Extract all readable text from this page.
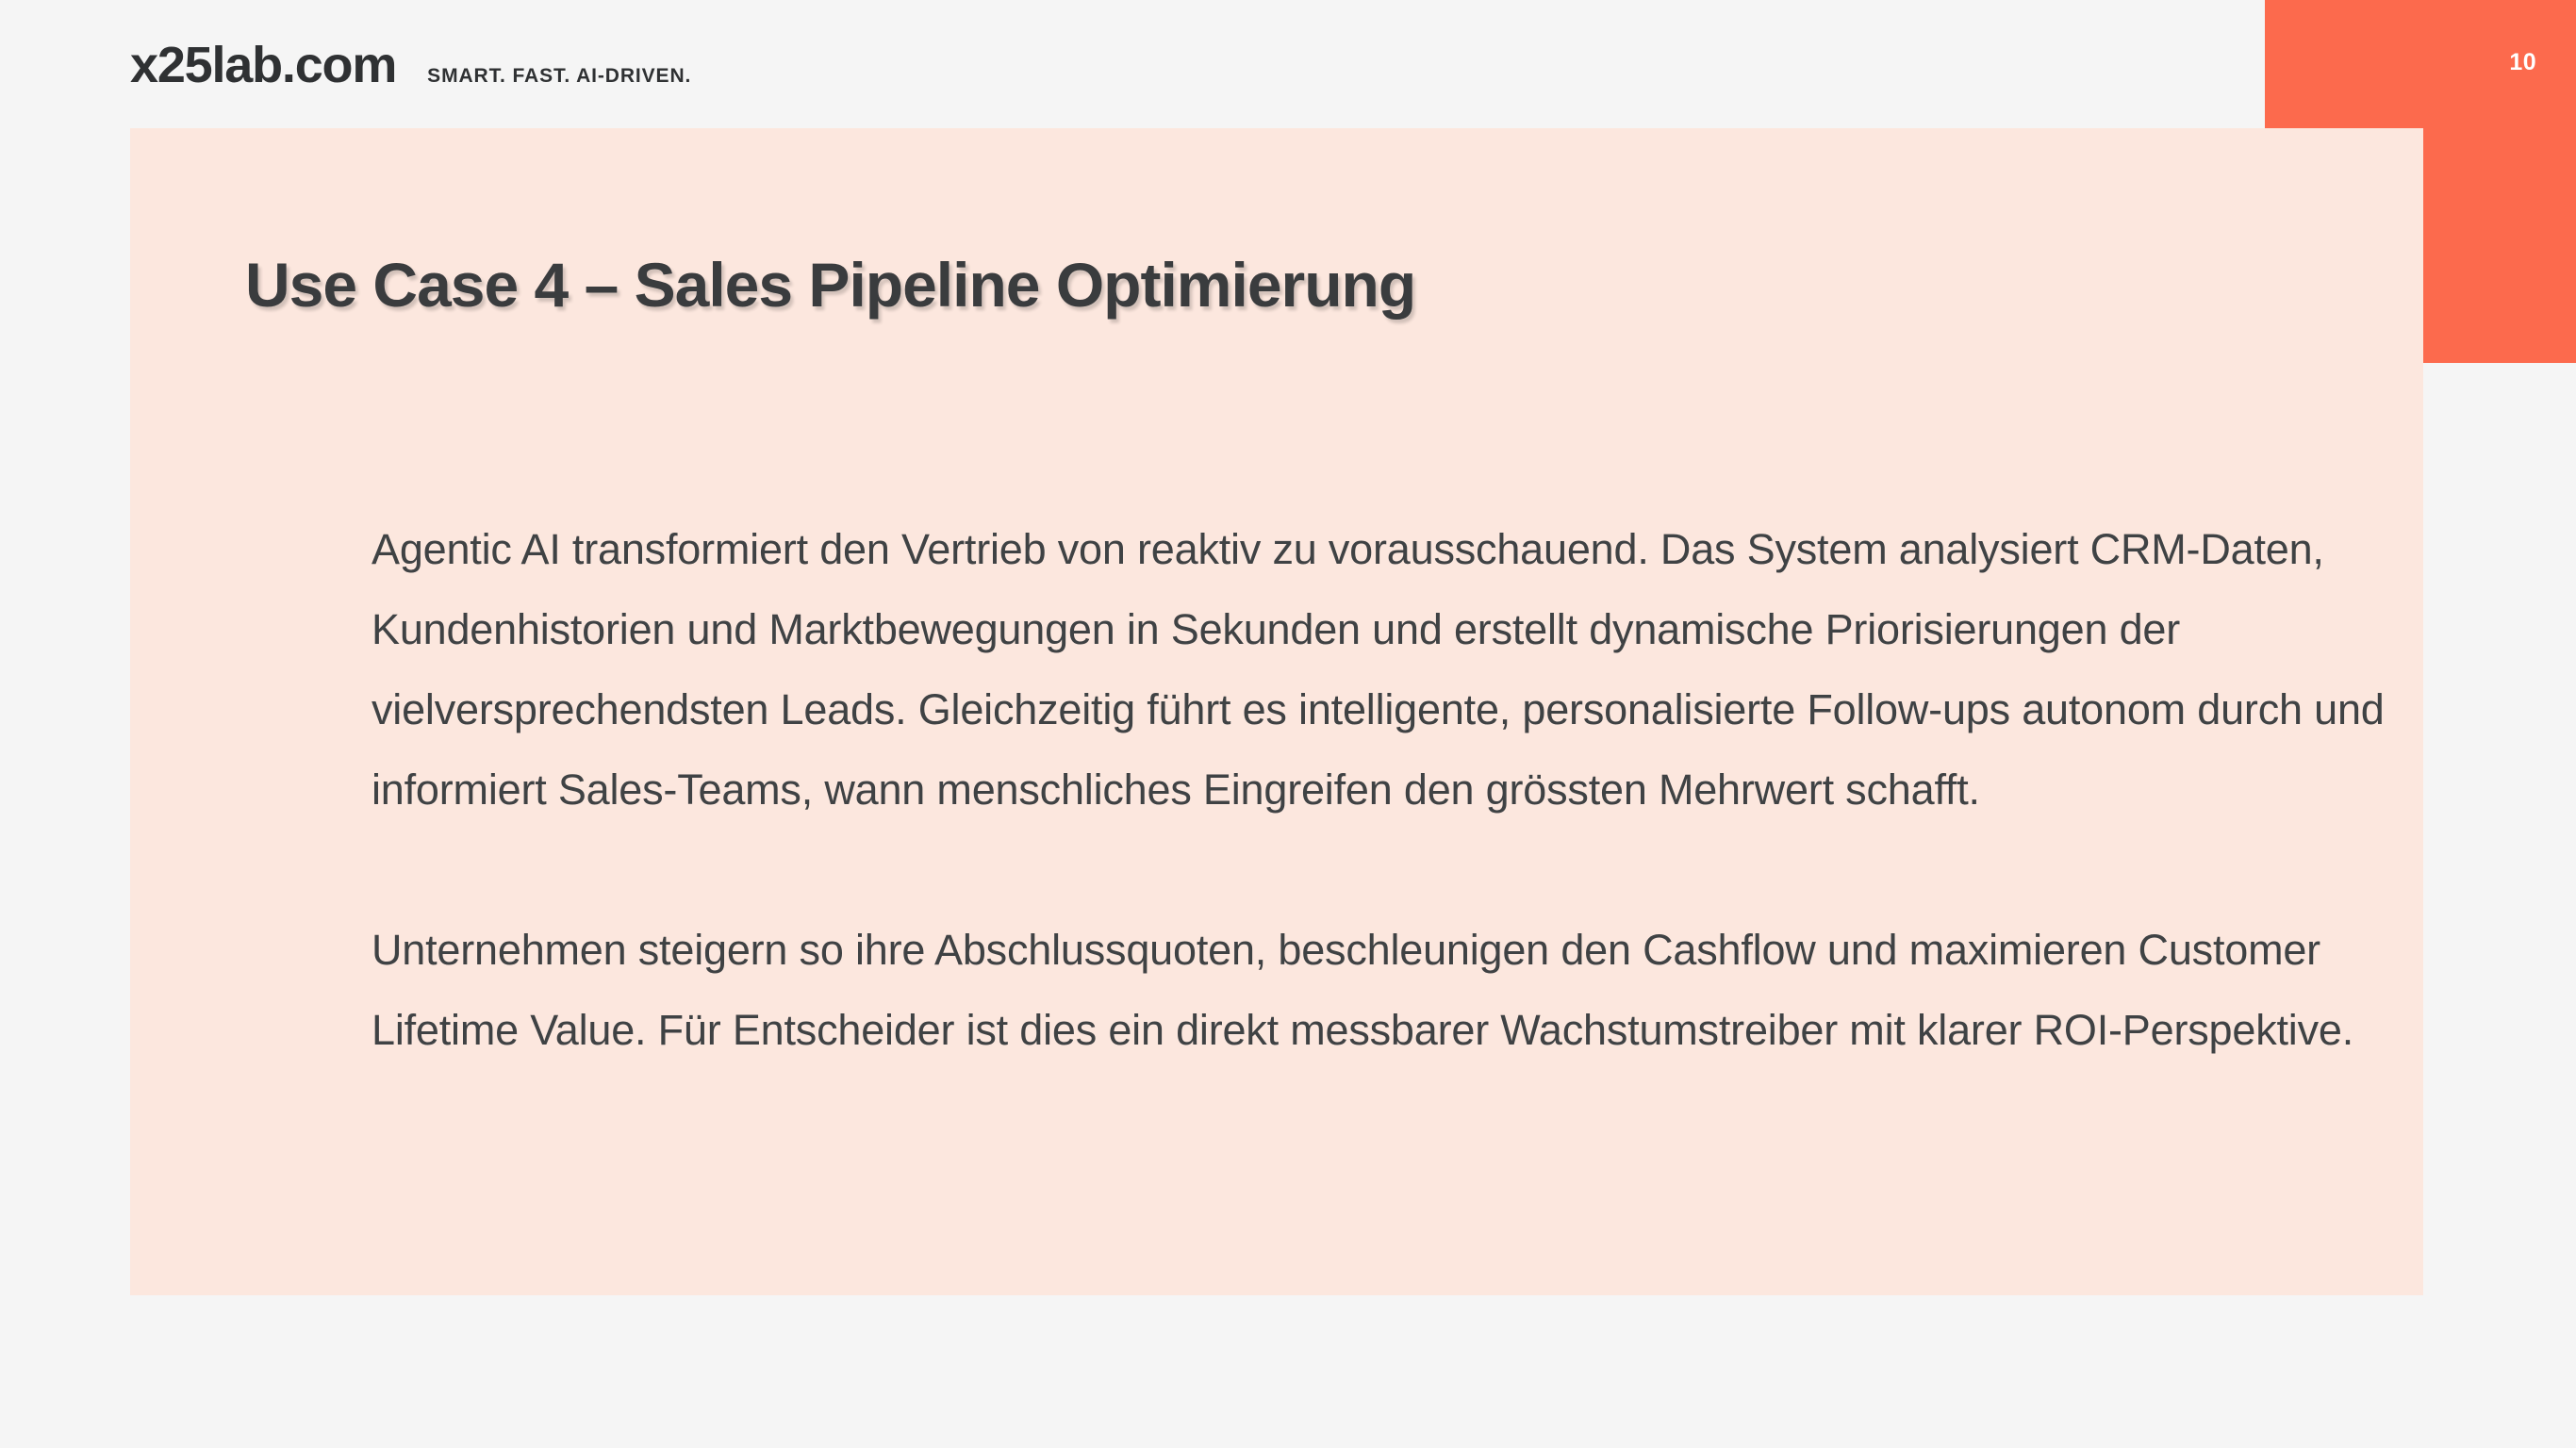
10
x25lab.com SMART. FAST. AI-DRIVEN.
Use Case 4 – Sales Pipeline Optimierung

Agentic AI transformiert den Vertrieb von reaktiv zu vorausschauend. Das System analysiert CRM-Daten, Kundenhistorien und Marktbewegungen in Sekunden und erstellt dynamische Priorisierungen der vielversprechendsten Leads. Gleichzeitig führt es intelligente, personalisierte Follow-ups autonom durch und informiert Sales-Teams, wann menschliches Eingreifen den grössten Mehrwert schafft.

Unternehmen steigern so ihre Abschlussquoten, beschleunigen den Cashflow und maximieren Customer Lifetime Value. Für Entscheider ist dies ein direkt messbarer Wachstumstreiber mit klarer ROI-Perspektive.
